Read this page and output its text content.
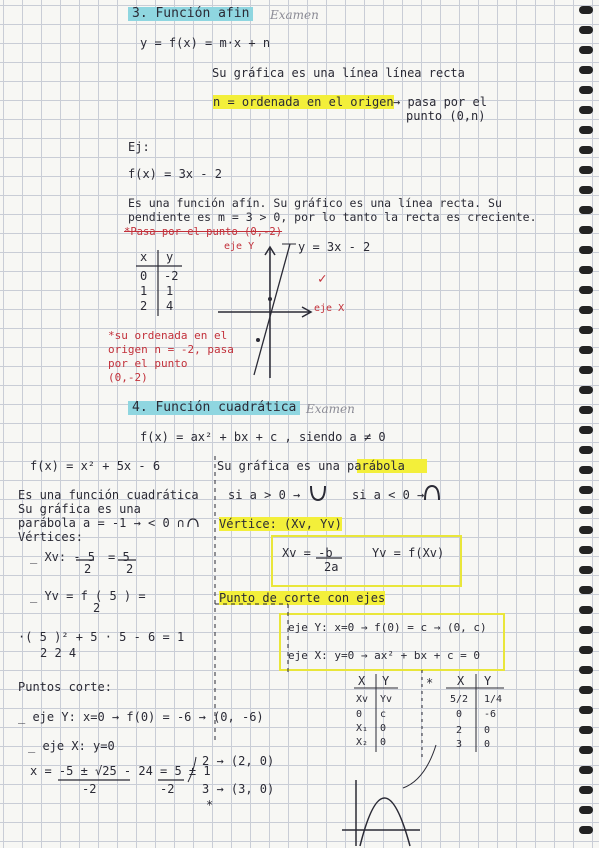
3. Función afin	Examen
y = f(x) = m·x + n
Su gráfica es una línea línea recta
n = ordenada en el origen → pasa por el
punto (0,n)
Ej:
f(x) = 3x - 2
Es una función afín. Su gráfico es una línea recta. Su
pendiente es m = 3 > 0, por lo tanto la recta es creciente.
*Pasa por el punto (0,-2)
x y
0 -2
1 1
2 4
eje Y	y = 3x - 2
✓
eje X
*su ordenada en el
origen n = -2, pasa
por el punto
(0,-2)
4. Función cuadrática Examen
f(x) = ax² + bx + c , siendo a ≠ 0
f(x) = x² + 5x - 6
Es una función cuadrática
Su gráfica es una
parábola a = -1 → < 0 ∩
Vértices:
_ Xv: - 5 = 5
2	2
_ Yv = f ( 5 ) =
2
·( 5 )² + 5 · 5 - 6 = 1
2 2 4
Puntos corte:
_ eje Y: x=0 → f(0) = -6 → (0, -6)
_ eje X: y=0
x = -5 ± √25 - 24 = 5 ± 1
-2	-2
2 → (2, 0)
3 → (3, 0)
*
Su gráfica es una parábola
si a > 0 →	si a < 0 →
Vértice: (Xv, Yv)
Xv = -b
2a
Yv = f(Xv)
Punto de corte con ejes
eje Y: x=0 → f(0) = c → (0, c)
eje X: y=0 → ax² + bx + c = 0
X Y
Xv Yv
0 c
X₁ 0
X₂ 0
* X Y
5/2 1/4
0 -6
2 0
3 0
